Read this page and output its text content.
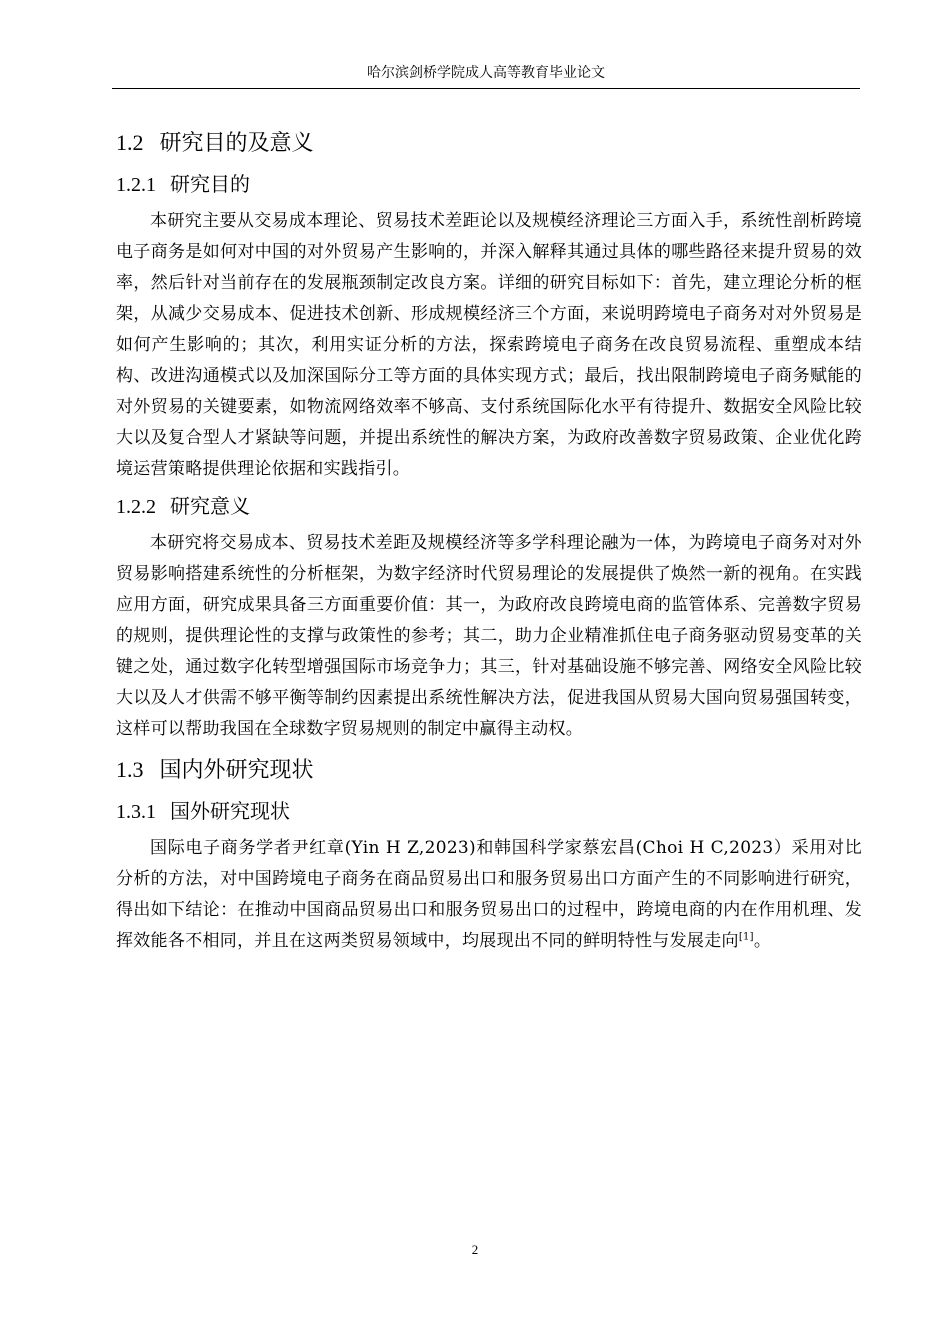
哈尔滨剑桥学院成人高等教育毕业论文
1.2 研究目的及意义
1.2.1 研究目的

本研究主要从交易成本理论、贸易技术差距论以及规模经济理论三方面入手，系统性剖析跨境电子商务是如何对中国的对外贸易产生影响的，并深入解释其通过具体的哪些路径来提升贸易的效率，然后针对当前存在的发展瓶颈制定改良方案。详细的研究目标如下：首先，建立理论分析的框架，从减少交易成本、促进技术创新、形成规模经济三个方面，来说明跨境电子商务对对外贸易是如何产生影响的；其次，利用实证分析的方法，探索跨境电子商务在改良贸易流程、重塑成本结构、改进沟通模式以及加深国际分工等方面的具体实现方式；最后，找出限制跨境电子商务赋能的对外贸易的关键要素，如物流网络效率不够高、支付系统国际化水平有待提升、数据安全风险比较大以及复合型人才紧缺等问题，并提出系统性的解决方案，为政府改善数字贸易政策、企业优化跨境运营策略提供理论依据和实践指引。

1.2.2 研究意义

本研究将交易成本、贸易技术差距及规模经济等多学科理论融为一体，为跨境电子商务对对外贸易影响搭建系统性的分析框架，为数字经济时代贸易理论的发展提供了焕然一新的视角。在实践应用方面，研究成果具备三方面重要价值：其一，为政府改良跨境电商的监管体系、完善数字贸易的规则，提供理论性的支撑与政策性的参考；其二，助力企业精准抓住电子商务驱动贸易变革的关键之处，通过数字化转型增强国际市场竞争力；其三，针对基础设施不够完善、网络安全风险比较大以及人才供需不够平衡等制约因素提出系统性解决方法，促进我国从贸易大国向贸易强国转变，这样可以帮助我国在全球数字贸易规则的制定中赢得主动权。

1.3 国内外研究现状
1.3.1 国外研究现状

国际电子商务学者尹红章(Yin H Z,2023)和韩国科学家蔡宏昌(Choi H C,2023）采用对比分析的方法，对中国跨境电子商务在商品贸易出口和服务贸易出口方面产生的不同影响进行研究，得出如下结论：在推动中国商品贸易出口和服务贸易出口的过程中，跨境电商的内在作用机理、发挥效能各不相同，并且在这两类贸易领域中，均展现出不同的鲜明特性与发展走向[1]。

2
